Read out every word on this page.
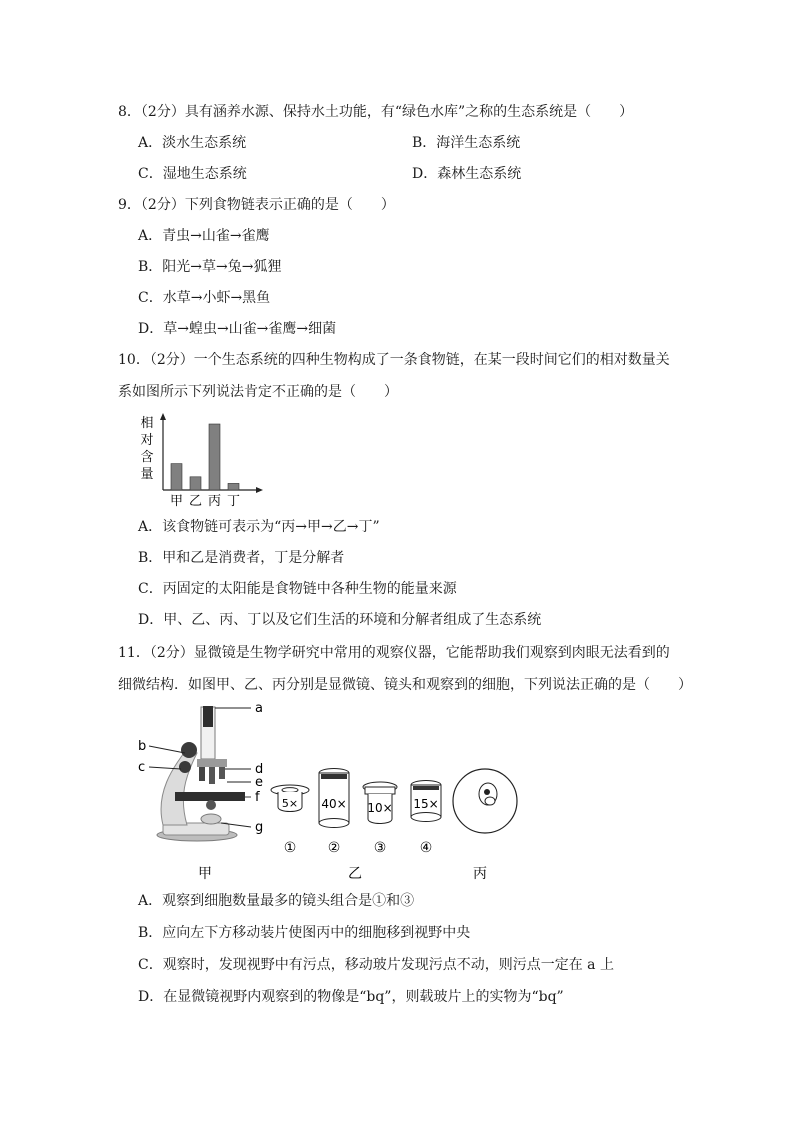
8．（2分）具有涵养水源、保持水土功能，有“绿色水库”之称的生态系统是（　　）
A．淡水生态系统	B．海洋生态系统
C．湿地生态系统	D．森林生态系统
9．（2分）下列食物链表示正确的是（　　）
A．青虫→山雀→雀鹰
B．阳光→草→兔→狐狸
C．水草→小虾→黑鱼
D．草→蝗虫→山雀→雀鹰→细菌
10．（2分）一个生态系统的四种生物构成了一条食物链，在某一段时间它们的相对数量关
系如图所示下列说法肯定不正确的是（　　）
相
对
含
量
甲 乙 丙 丁
A．该食物链可表示为“丙→甲→乙→丁”
B．甲和乙是消费者，丁是分解者
C．丙固定的太阳能是食物链中各种生物的能量来源
D．甲、乙、丙、丁以及它们生活的环境和分解者组成了生态系统
11．（2分）显微镜是生物学研究中常用的观察仪器，它能帮助我们观察到肉眼无法看到的
细微结构．如图甲、乙、丙分别是显微镜、镜头和观察到的细胞，下列说法正确的是（　　）
a
b
c	d
e
f
g
5× 40× 10× 15×
① ② ③ ④
甲	乙	丙
A．观察到细胞数量最多的镜头组合是①和③
B．应向左下方移动装片使图丙中的细胞移到视野中央
C．观察时，发现视野中有污点，移动玻片发现污点不动，则污点一定在 a 上
D．在显微镜视野内观察到的物像是“bq”，则载玻片上的实物为“bq”
